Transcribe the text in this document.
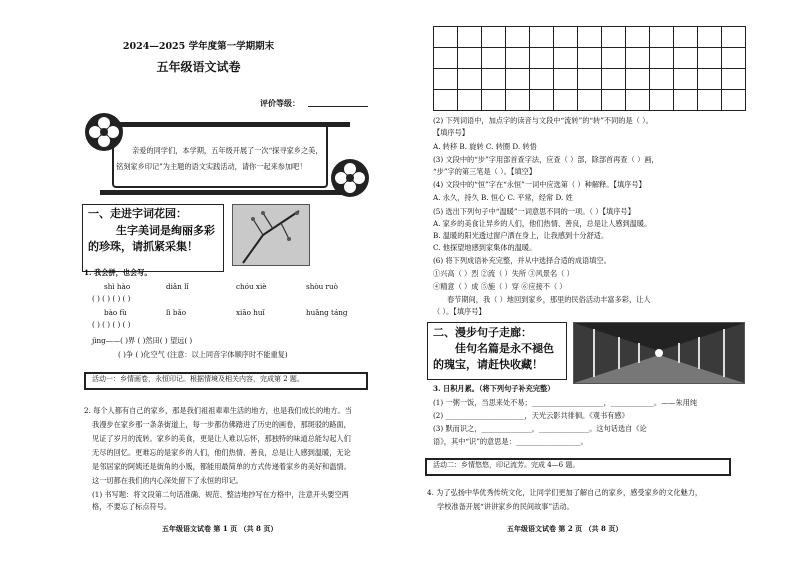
2024—2025 学年度第一学期期末
五年级语文试卷
评价等级：
亲爱的同学们，本学期，五年级开展了一次“探寻家乡之美，
铭刻家乡印记”为主题的语文实践活动，请你一起来参加吧！
一、走进字词花园：
生字美词是绚丽多彩
的珍珠，请抓紧采集！
1. 我会拼，也会写。
shì hào	diǎn lǐ	chóu xiè	shòu ruò
( ) ( ) ( ) ( )
bào fù	lì bǎo	xiāo huǐ	huǎng táng
( ) ( ) ( ) ( )
jìng——( )界 ( )然田( ) 望远( )
( )争 ( )化空气 (注意：以上同音字体顺序时不能重复)
活动一：乡情画卷，永恒印记。根据情境及相关内容，完成第 2 题。
2. 每个人都有自己的家乡，那是我们祖祖辈辈生活的地方，也是我们成长的地方。当
我漫步在家乡那一条条街道上，每一步都仿佛踏进了历史的画卷，那斑驳的路面，
见证了岁月的流转。家乡的美食，更是让人难以忘怀，那独特的味道总能勾起人们
无尽的回忆。更难忘的是家乡的人们，他们热情、善良，总是让人感到温暖，无论
是邻居家的阿姨还是街角的小贩，都能用最简单的方式传递着家乡的美好和温情。
这一切都在我们的内心深处留下了永恒的印记。
(1) 书写题：将文段第二句话准确、规范、整洁地抄写在方格中，注意开头要空两
格，不要忘了标点符号。
五年级语文试卷 第 1 页 （共 8 页）
(2) 下列词语中，加点字的读音与文段中“流转”的“转”不同的是（ ）。
【填序号】
A. 转移 B. 旋转 C. 转圈 D. 转悟
(3) 文段中的“步”字用部首查字法，应查（ ）部，除部首再查（ ）画，
“步”字的第三笔是（ ）。【填空】
(4) 文段中的“恒”字在“永恒”一词中应选第（ ）种解释。【填序号】
A. 永久，持久 B. 恒心 C. 平常，经常 D. 姓
(5) 选出下列句子中“温暖”一词意思不同的一项。（ ）【填序号】
A. 家乡的美食让异乡的人们，他们热情、善良，总是让人感到温暖。
B. 温暖的阳光透过窗户洒在身上，让我感到十分舒适。
C. 他探望地感到家集体的温暖。
(6) 将下列成语补充完整，并从中选择合适的成语填空。
①兴高（ ）烈 ②流（ ）失所 ③风景名（ ）
④精意（ ）成 ⑤施（ ）穿 ⑥应接不（ ）
春节期间，我（ ）地回到家乡，那里的民俗活动丰富多彩，让人
（ ）。【填序号】
二、漫步句子走廊：
佳句名篇是永不褪色
的瑰宝，请赶快收藏！
3. 日积月累。（将下列句子补充完整）
(1) 一粥一饭，当思来处不易；____________________，____________。——朱用纯
(2) ______________________，天光云影共徘徊。《观书有感》
(3) 默而识之，______________，______________。这句话选自《论
语》，其中“识”的意思是：__________________。
活动二：乡情悠悠，印记流芳。完成 4—6 题。
4. 为了弘扬中华优秀传统文化，让同学们更加了解自己的家乡，感受家乡的文化魅力，
学校准备开展“讲讲家乡的民间故事”活动。
五年级语文试卷 第 2 页 （共 8 页）
